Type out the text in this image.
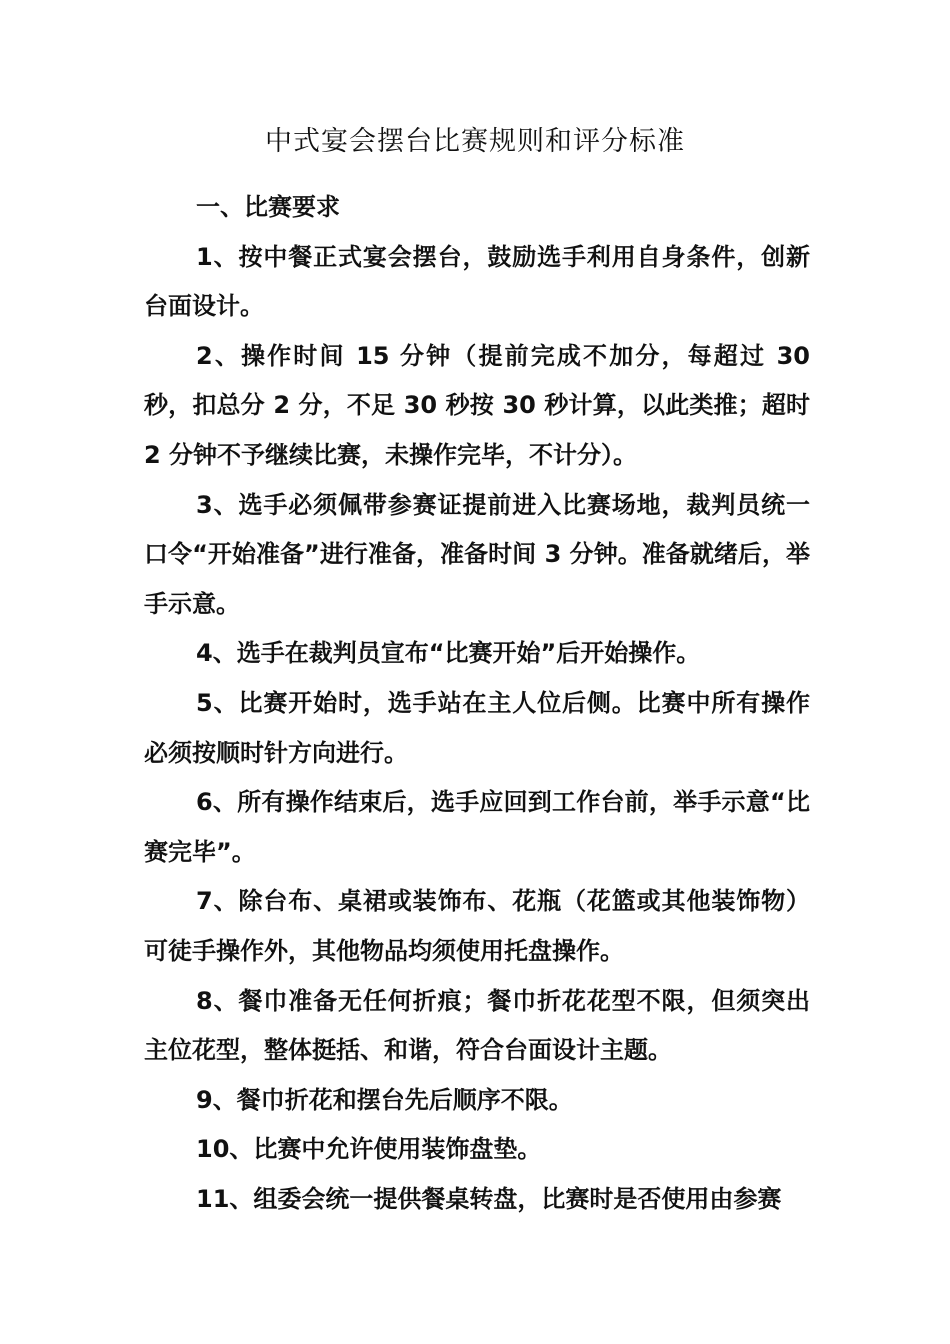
中式宴会摆台比赛规则和评分标准

一、比赛要求

1、按中餐正式宴会摆台，鼓励选手利用自身条件，创新台面设计。

2、操作时间 15 分钟（提前完成不加分，每超过 30 秒，扣总分 2 分，不足 30 秒按 30 秒计算，以此类推；超时 2 分钟不予继续比赛，未操作完毕，不计分）。

3、选手必须佩带参赛证提前进入比赛场地，裁判员统一口令“开始准备”进行准备，准备时间 3 分钟。准备就绪后，举手示意。

4、选手在裁判员宣布“比赛开始”后开始操作。

5、比赛开始时，选手站在主人位后侧。比赛中所有操作必须按顺时针方向进行。

6、所有操作结束后，选手应回到工作台前，举手示意“比赛完毕”。

7、除台布、桌裙或装饰布、花瓶（花篮或其他装饰物）可徒手操作外，其他物品均须使用托盘操作。

8、餐巾准备无任何折痕；餐巾折花花型不限，但须突出主位花型，整体挺括、和谐，符合台面设计主题。

9、餐巾折花和摆台先后顺序不限。

10、比赛中允许使用装饰盘垫。

11、组委会统一提供餐桌转盘，比赛时是否使用由参赛
